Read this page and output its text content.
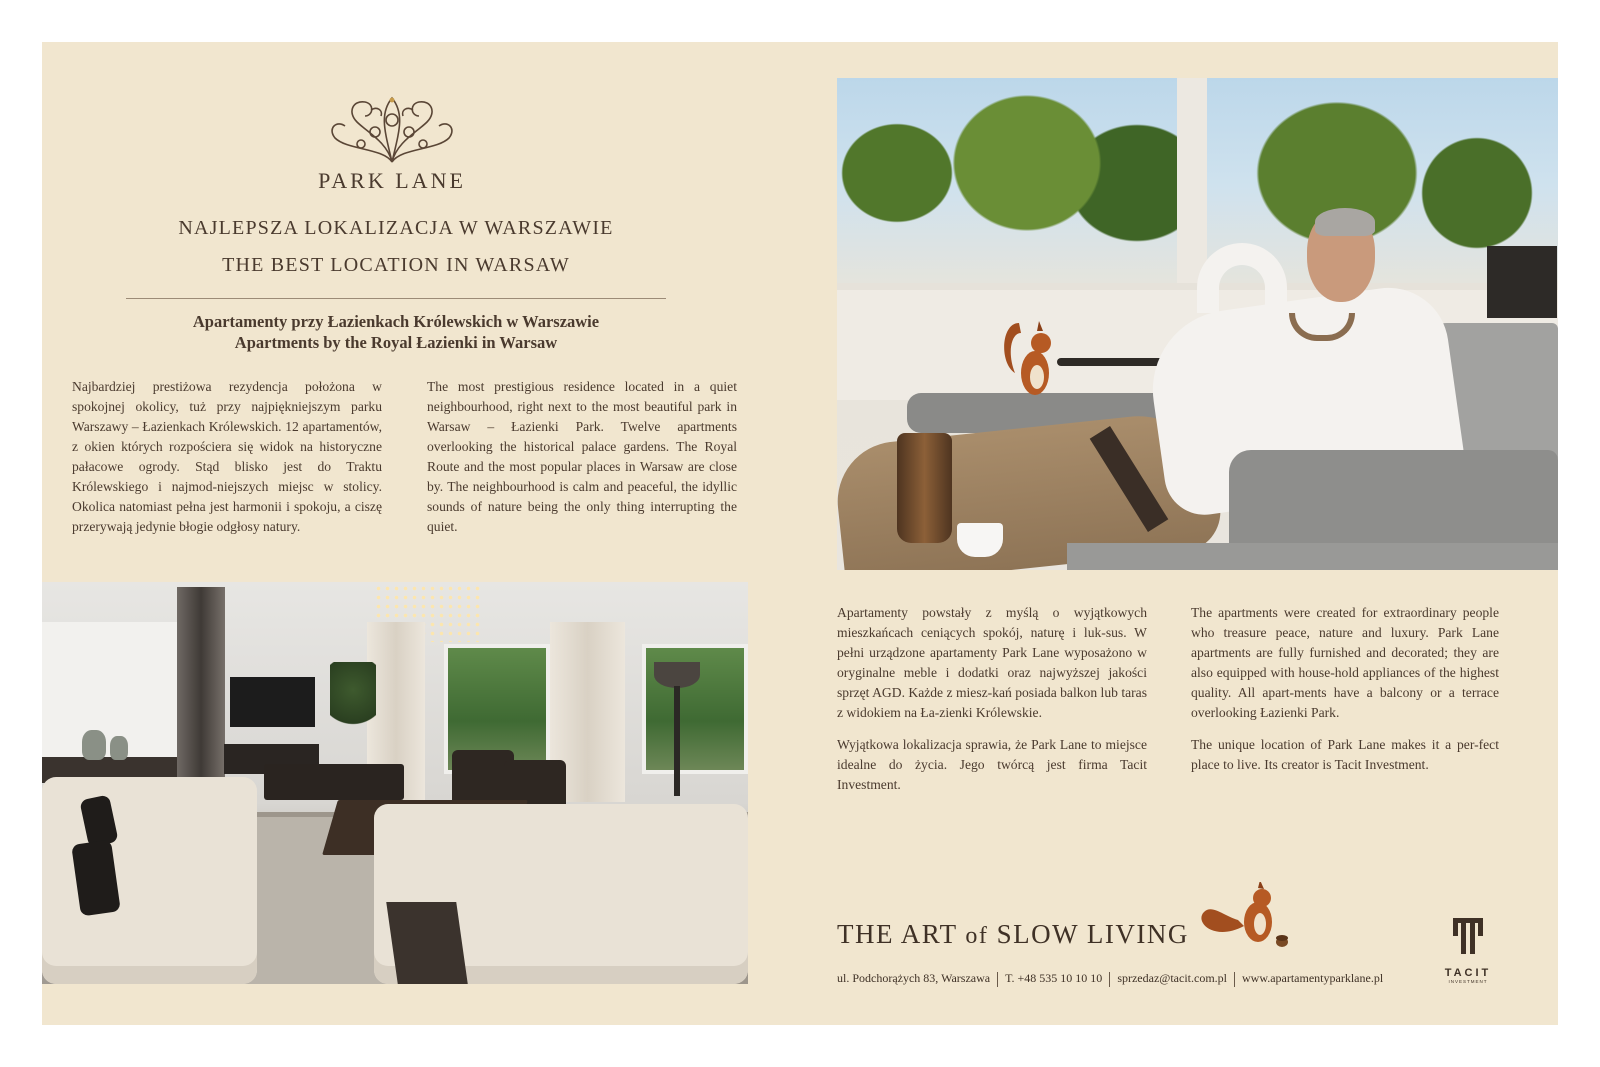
PARK LANE
NAJLEPSZA LOKALIZACJA W WARSZAWIE
THE BEST LOCATION IN WARSAW
Apartamenty przy Łazienkach Królewskich w Warszawie
Apartments by the Royal Łazienki in Warsaw

Najbardziej prestiżowa rezydencja położona w spokojnej okolicy, tuż przy najpiękniejszym parku Warszawy – Łazienkach Królewskich. 12 apartamentów, z okien których rozpościera się widok na historyczne pałacowe ogrody. Stąd blisko jest do Traktu Królewskiego i najmod-niejszych miejsc w stolicy. Okolica natomiast pełna jest harmonii i spokoju, a ciszę przerywają jedynie błogie odgłosy natury.

The most prestigious residence located in a quiet neighbourhood, right next to the most beautiful park in Warsaw – Łazienki Park. Twelve apartments overlooking the historical palace gardens. The Royal Route and the most popular places in Warsaw are close by. The neighbourhood is calm and peaceful, the idyllic sounds of nature being the only thing interrupting the quiet.

Apartamenty powstały z myślą o wyjątkowych mieszkańcach ceniących spokój, naturę i luk-sus. W pełni urządzone apartamenty Park Lane wyposażono w oryginalne meble i dodatki oraz najwyższej jakości sprzęt AGD. Każde z miesz-kań posiada balkon lub taras z widokiem na Ła-zienki Królewskie.

Wyjątkowa lokalizacja sprawia, że Park Lane to miejsce idealne do życia. Jego twórcą jest firma Tacit Investment.

The apartments were created for extraordinary people who treasure peace, nature and luxury. Park Lane apartments are fully furnished and decorated; they are also equipped with house-hold appliances of the highest quality. All apart-ments have a balcony or a terrace overlooking Łazienki Park.

The unique location of Park Lane makes it a per-fect place to live. Its creator is Tacit Investment.

THE ART of SLOW LIVING
ul. Podchorążych 83, Warszawa T. +48 535 10 10 10 sprzedaz@tacit.com.pl www.apartamentyparklane.pl	TACIT
INVESTMENT
